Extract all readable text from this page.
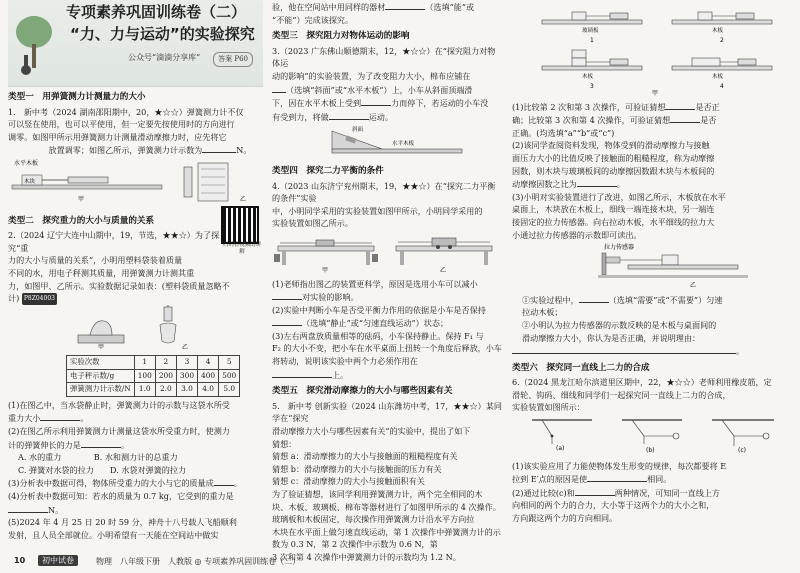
专项素养巩固训练卷（二）
“力、力与运动”的实验探究
公众号“滴滴分享库”	答案 P60
类型一　用弹簧测力计测量力的大小
1.　新中考（2024 湖南邵阳期中，20，★☆☆）弹簧测力计不仅
可以竖在使用，也可以平使用，但一定要先按使用时的方向进行
调零。如图甲所示用弹簧测力计测量滑动摩擦力时，应先将它
　　　　　放置调零；如图乙所示，弹簧测力计示数为	N。
水平木板
木块
甲	乙
类型二　探究重力的大小与质量的关系
2.（2024 辽宁大连中山期中，19，节选，★★☆）为了探究“重
力的大小与质量的关系”，小明用塑料袋装着质量
不同的水，用电子秤测其质量，用弹簧测力计测其重
力，如图甲、乙所示。实验数据记录如表：(塑料袋质量忽略不
计) P8Z04003
扫码看视频的讲解
甲	乙
实验次数	1	2	3	4	5
电子秤示数/g	100	200	300	400	500
弹簧测力计示数/N	1.0	2.0	3.0	4.0	5.0
(1)在图乙中，当水袋静止时，弹簧测力计的示数与这袋水所受
重力大小	。
(2)在图乙所示利用弹簧测力计测量这袋水所受重力时，使测力
计的弹簧伸长的力是	。
A. 水的重力　　　　B. 水和测力计的总重力
C. 弹簧对水袋的拉力　　D. 水袋对弹簧的拉力
(3)分析表中数据可得，物体所受重力的大小与它的质量成 。
(4)分析表中数据可知：若水的质量为 0.7 kg，它受到的重力是
N。
(5)2024 年 4 月 25 日 20 时 59 分，神舟十八号载人飞船顺利
发射，且人员全部就位。小明希望有一天能在空间站中做实
验，他在空间站中用同样的器材	（选填“能”或
“不能”）完成该探究。
类型三　探究阻力对物体运动的影响
3.（2023 广东佛山顺德期末，12，★☆☆）在“探究阻力对物体运
动的影响”的实验装置，为了改变阻力大小，棉布应铺在
（选填“斜面”或“水平木板”）上，小车从斜面顶端滑
下，因在水平木板上受到	力而停下，若运动的小车没
有受到力，将做	运动。
斜面
水平木板
类型四　探究二力平衡的条件
4.（2023 山东济宁兖州期末，19，★★☆）在“探究二力平衡的条件”实验
中，小明同学采用的实验装置如图甲所示，小明同学采用的
实验装置如图乙所示。
甲	乙
(1)老师指出图乙的装置更科学，原因是选用小车可以减小
对实验的影响。
(2)实验中判断小车是否受平衡力作用的依据是小车是否保持
（选填“静止”或“匀速直线运动”）状态；
(3)左右两盘放质量相等的砝码，小车保持静止。保持 F₁ 与
F₂ 的大小不变，把小车在水平桌面上扭转一个角度后释放，小车将转动，说明该实验中两个力必须作用在
上。
类型五　探究滑动摩擦力的大小与哪些因素有关
5.　新中考 创新实验（2024 山东潍坊中考，17，★★☆）某同学在“探究
滑动摩擦力大小与哪些因素有关”的实验中，提出了如下
猜想：
猜想 a：滑动摩擦力的大小与接触面的粗糙程度有关
猜想 b：滑动摩擦力的大小与接触面的压力有关
猜想 c：滑动摩擦力的大小与接触面积有关
为了验证猜想，该同学利用弹簧测力计，两个完全相同的木
块、木板、玻璃板、棉布等器材进行了如图甲所示的 4 次操作。
玻璃板和木板固定，每次操作用弹簧测力计沿水平方向拉
木块在水平面上做匀速直线运动，第 1 次操作中弹簧测力计的示数为 0.3 N，第 2 次操作中示数为 0.6 N，第
3 次和第 4 次操作中弹簧测力计的示数均为 1.2 N。
玻璃板
1
木板
2
木板
3
木板
4
甲
(1)比较第 2 次和第 3 次操作，可验证猜想	是否正
确；比较第 3 次和第 4 次操作，可验证猜想	是否
正确。(均选填“a”“b”或“c”)
(2)该同学查阅资料发现，物体受到的滑动摩擦力与接触
面压力大小的比值反映了接触面的粗糙程度，称为动摩擦
因数，则木块与玻璃板间的动摩擦因数跟木块与木板间的
动摩擦因数之比为	。
(3)小明对实验装置进行了改进，如图乙所示，木板放在水平
桌面上，木块放在木板上，细线一端连接木块，另一端连
接固定的拉力传感器。向右拉动木板，水平细线的拉力大
小通过拉力传感器的示数即可读出。
拉力传感器
乙
①实验过程中，	（选填“需要”或“不需要”）匀速
拉动木板；
②小明认为拉力传感器的示数反映的是木板与桌面间的
滑动摩擦力大小，你认为是否正确，并说明理由：
。
类型六　探究同一直线上二力的合成
6.（2024 黑龙江哈尔滨道里区期中，22，★☆☆）老师利用橡皮筋，定
滑轮、钩码、细线和同学们一起探究同一直线上二力的合成，
实验装置如图所示：
(a)	(b)	(c)
(1)该实验应用了力能使物体发生形变的规律，每次都要将 E
拉到 E′点的原因是使	相同。
(2)通过比较(c)和	两种情况，可知同一直线上方
向相同的两个力的合力，大小等于这两个力的大小之和，
方向跟这两个力的方向相同。
10	初中试卷	物理　八年级下册　人教版 ◎ 专项素养巩固训练卷（二）
